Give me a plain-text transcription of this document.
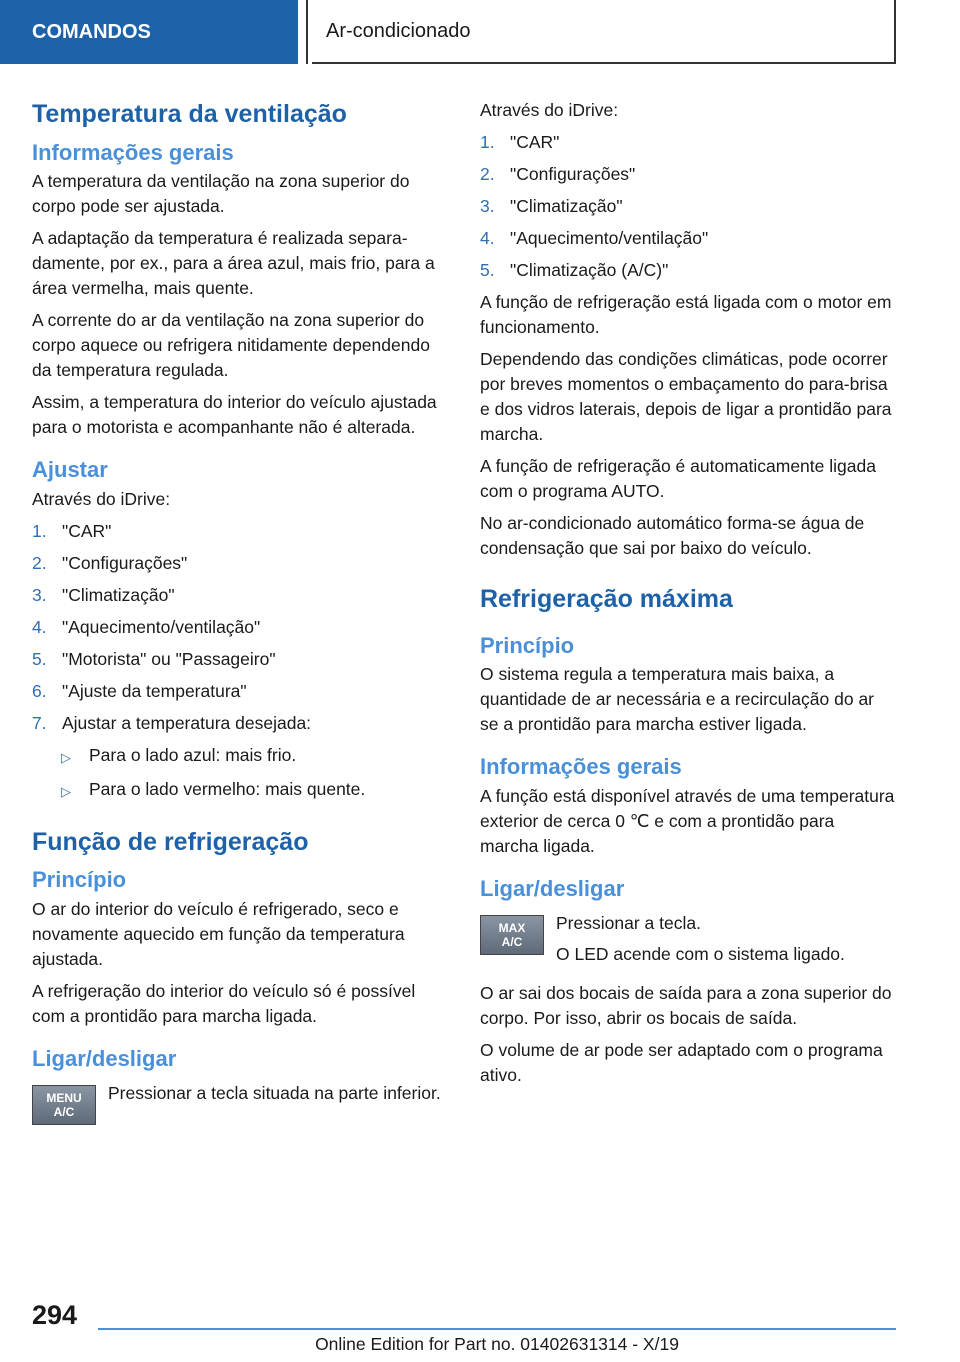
COMANDOS	Ar-condicionado
Temperatura da ventilação
Informações gerais

A temperatura da ventilação na zona superior do corpo pode ser ajustada.

A adaptação da temperatura é realizada separadamente, por ex., para a área azul, mais frio, para a área vermelha, mais quente.

A corrente do ar da ventilação na zona superior do corpo aquece ou refrigera nitidamente dependendo da temperatura regulada.

Assim, a temperatura do interior do veículo ajustada para o motorista e acompanhante não é alterada.

Ajustar

Através do iDrive:

1. "CAR"
2. "Configurações"
3. "Climatização"
4. "Aquecimento/ventilação"
5. "Motorista" ou "Passageiro"
6. "Ajuste da temperatura"
7. Ajustar a temperatura desejada:
▷	Para o lado azul: mais frio.
▷	Para o lado vermelho: mais quente.
Função de refrigeração
Princípio

O ar do interior do veículo é refrigerado, seco e novamente aquecido em função da temperatura ajustada.

A refrigeração do interior do veículo só é possível com a prontidão para marcha ligada.

Ligar/desligar
MENU
A/C

Pressionar a tecla situada na parte inferior.

Através do iDrive:

1. "CAR"
2. "Configurações"
3. "Climatização"
4. "Aquecimento/ventilação"
5. "Climatização (A/C)"

A função de refrigeração está ligada com o motor em funcionamento.

Dependendo das condições climáticas, pode ocorrer por breves momentos o embaçamento do para-brisa e dos vidros laterais, depois de ligar a prontidão para marcha.

A função de refrigeração é automaticamente ligada com o programa AUTO.

No ar-condicionado automático forma-se água de condensação que sai por baixo do veículo.

Refrigeração máxima
Princípio

O sistema regula a temperatura mais baixa, a quantidade de ar necessária e a recirculação do ar se a prontidão para marcha estiver ligada.

Informações gerais

A função está disponível através de uma temperatura exterior de cerca 0 ℃ e com a prontidão para marcha ligada.

Ligar/desligar
MAX
A/C

Pressionar a tecla.

O LED acende com o sistema ligado.

O ar sai dos bocais de saída para a zona superior do corpo. Por isso, abrir os bocais de saída.

O volume de ar pode ser adaptado com o programa ativo.

294
Online Edition for Part no. 01402631314 - X/19
